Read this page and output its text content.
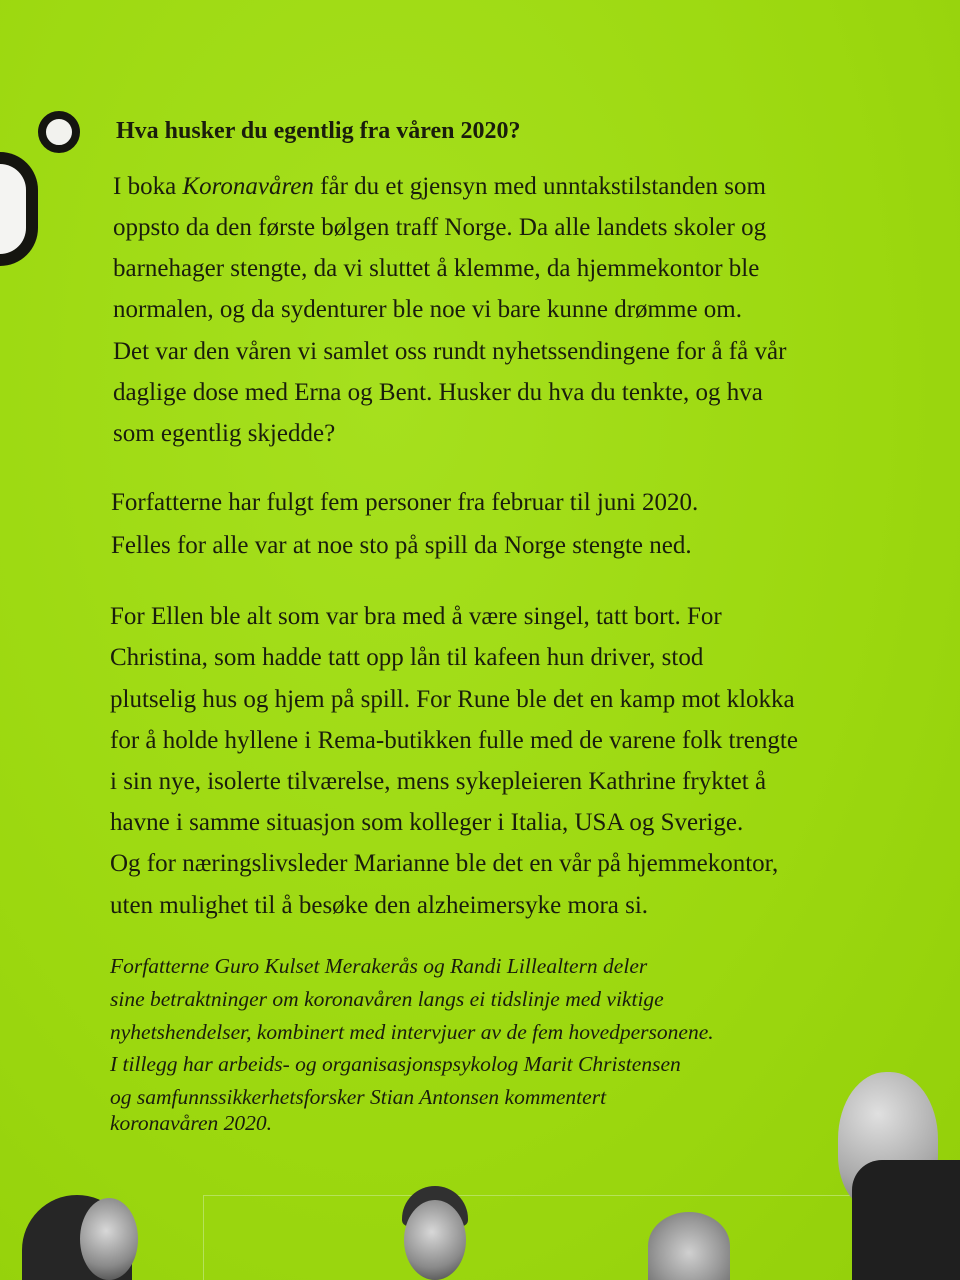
Hva husker du egentlig fra våren 2020?
I boka Koronavåren får du et gjensyn med unntakstilstanden som
oppsto da den første bølgen traff Norge. Da alle landets skoler og
barnehager stengte, da vi sluttet å klemme, da hjemmekontor ble
normalen, og da sydenturer ble noe vi bare kunne drømme om.
Det var den våren vi samlet oss rundt nyhetssendingene for å få vår
daglige dose med Erna og Bent. Husker du hva du tenkte, og hva
som egentlig skjedde?
Forfatterne har fulgt fem personer fra februar til juni 2020.
Felles for alle var at noe sto på spill da Norge stengte ned.
For Ellen ble alt som var bra med å være singel, tatt bort. For
Christina, som hadde tatt opp lån til kafeen hun driver, stod
plutselig hus og hjem på spill. For Rune ble det en kamp mot klokka
for å holde hyllene i Rema-butikken fulle med de varene folk trengte
i sin nye, isolerte tilværelse, mens sykepleieren Kathrine fryktet å
havne i samme situasjon som kolleger i Italia, USA og Sverige.
Og for næringslivsleder Marianne ble det en vår på hjemmekontor,
uten mulighet til å besøke den alzheimersyke mora si.
Forfatterne Guro Kulset Merakerås og Randi Lillealtern deler
sine betraktninger om koronavåren langs ei tidslinje med viktige
nyhetshendelser, kombinert med intervjuer av de fem hovedpersonene.
I tillegg har arbeids- og organisasjonspsykolog Marit Christensen
og samfunnssikkerhetsforsker Stian Antonsen kommentert
koronavåren 2020.
